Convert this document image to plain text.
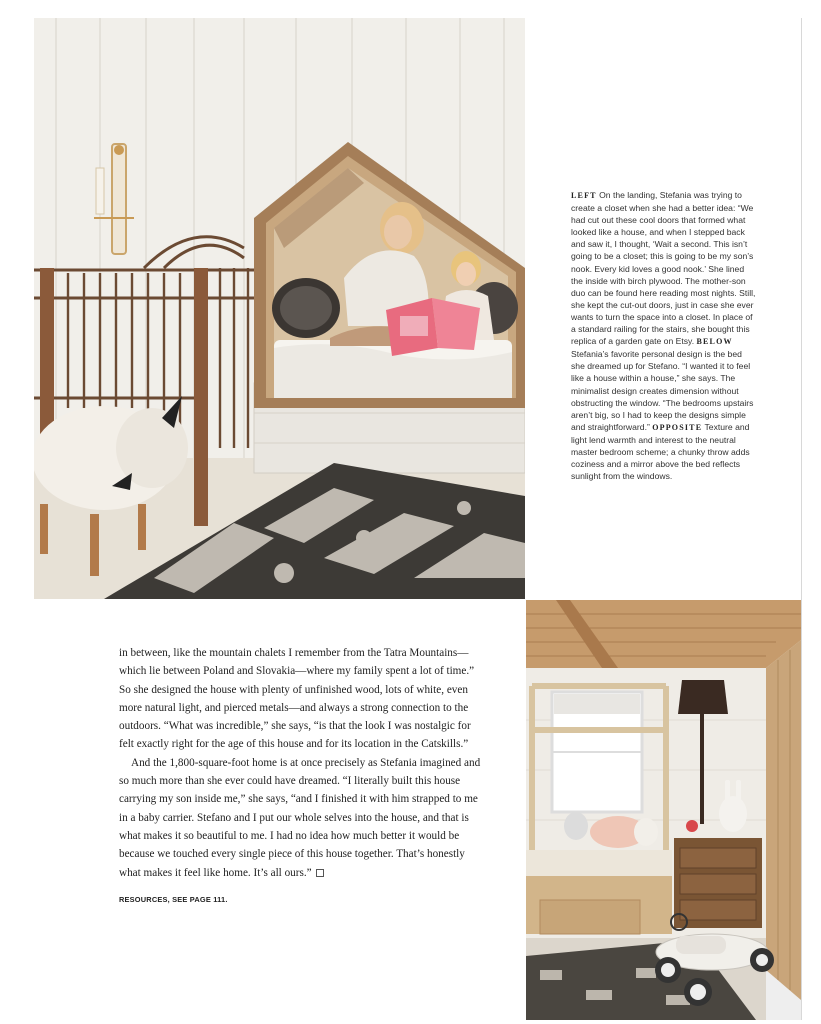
LEFT On the landing, Stefania was trying to create a closet when she had a better idea: “We had cut out these cool doors that formed what looked like a house, and when I stepped back and saw it, I thought, ‘Wait a second. This isn’t going to be a closet; this is going to be my son’s nook. Every kid loves a good nook.’ She lined the inside with birch plywood. The mother-son duo can be found here reading most nights. Still, she kept the cut-out doors, just in case she ever wants to turn the space into a closet. In place of a standard railing for the stairs, she bought this replica of a garden gate on Etsy. BELOW Stefania’s favorite personal design is the bed she dreamed up for Stefano. “I wanted it to feel like a house within a house,” she says. The minimalist design creates dimension without obstructing the window. “The bedrooms upstairs aren’t big, so I had to keep the designs simple and straightforward.” OPPOSITE Texture and light lend warmth and interest to the neutral master bedroom scheme; a chunky throw adds coziness and a mirror above the bed reflects sunlight from the windows.

in between, like the mountain chalets I remember from the Tatra Mountains—which lie between Poland and Slovakia—where my family spent a lot of time.” So she designed the house with plenty of unfinished wood, lots of white, even more natural light, and pierced metals—and always a strong connection to the outdoors. “What was incredible,” she says, “is that the look I was nostalgic for felt exactly right for the age of this house and for its location in the Catskills.”

And the 1,800-square-foot home is at once precisely as Stefania imagined and so much more than she ever could have dreamed. “I literally built this house carrying my son inside me,” she says, “and I finished it with him strapped to me in a baby carrier. Stefano and I put our whole selves into the house, and that is what makes it so beautiful to me. I had no idea how much better it would be because we touched every single piece of this house together. That’s honestly what makes it feel like home. It’s all ours.”

RESOURCES, SEE PAGE 111.
